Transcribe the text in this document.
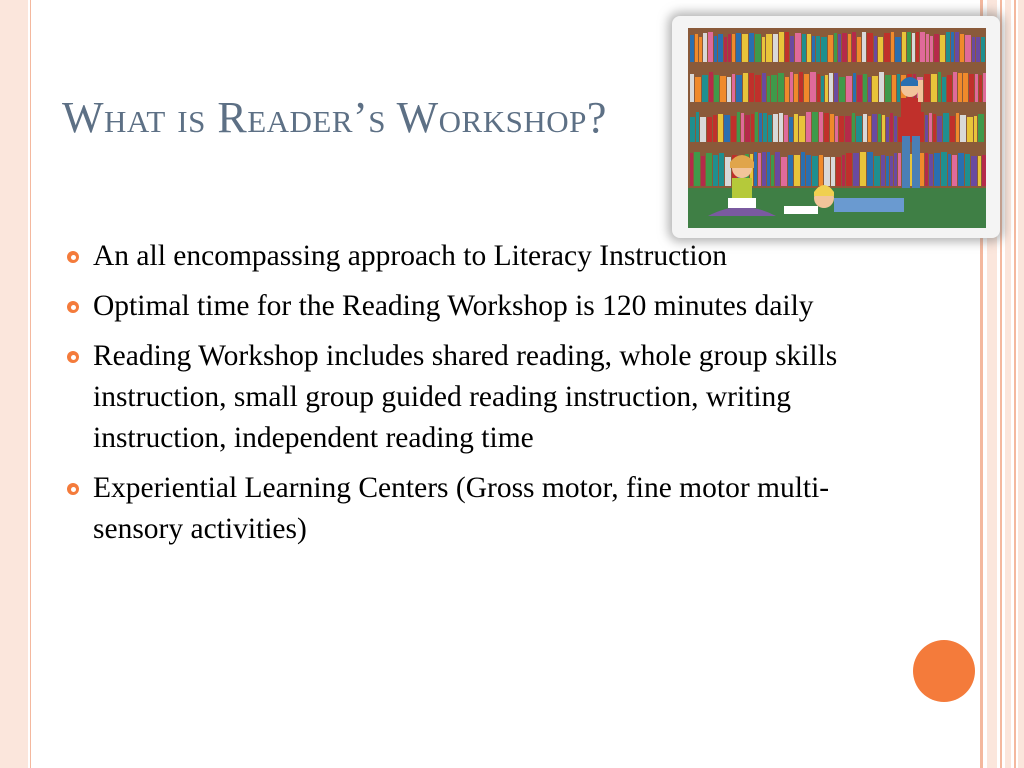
What is Reader’s Workshop?
An all encompassing approach to Literacy Instruction
Optimal time for the Reading Workshop is 120 minutes daily
Reading Workshop includes shared reading, whole group skills instruction, small group guided reading instruction, writing instruction, independent reading time
Experiential Learning Centers (Gross motor, fine motor multi-sensory activities)
